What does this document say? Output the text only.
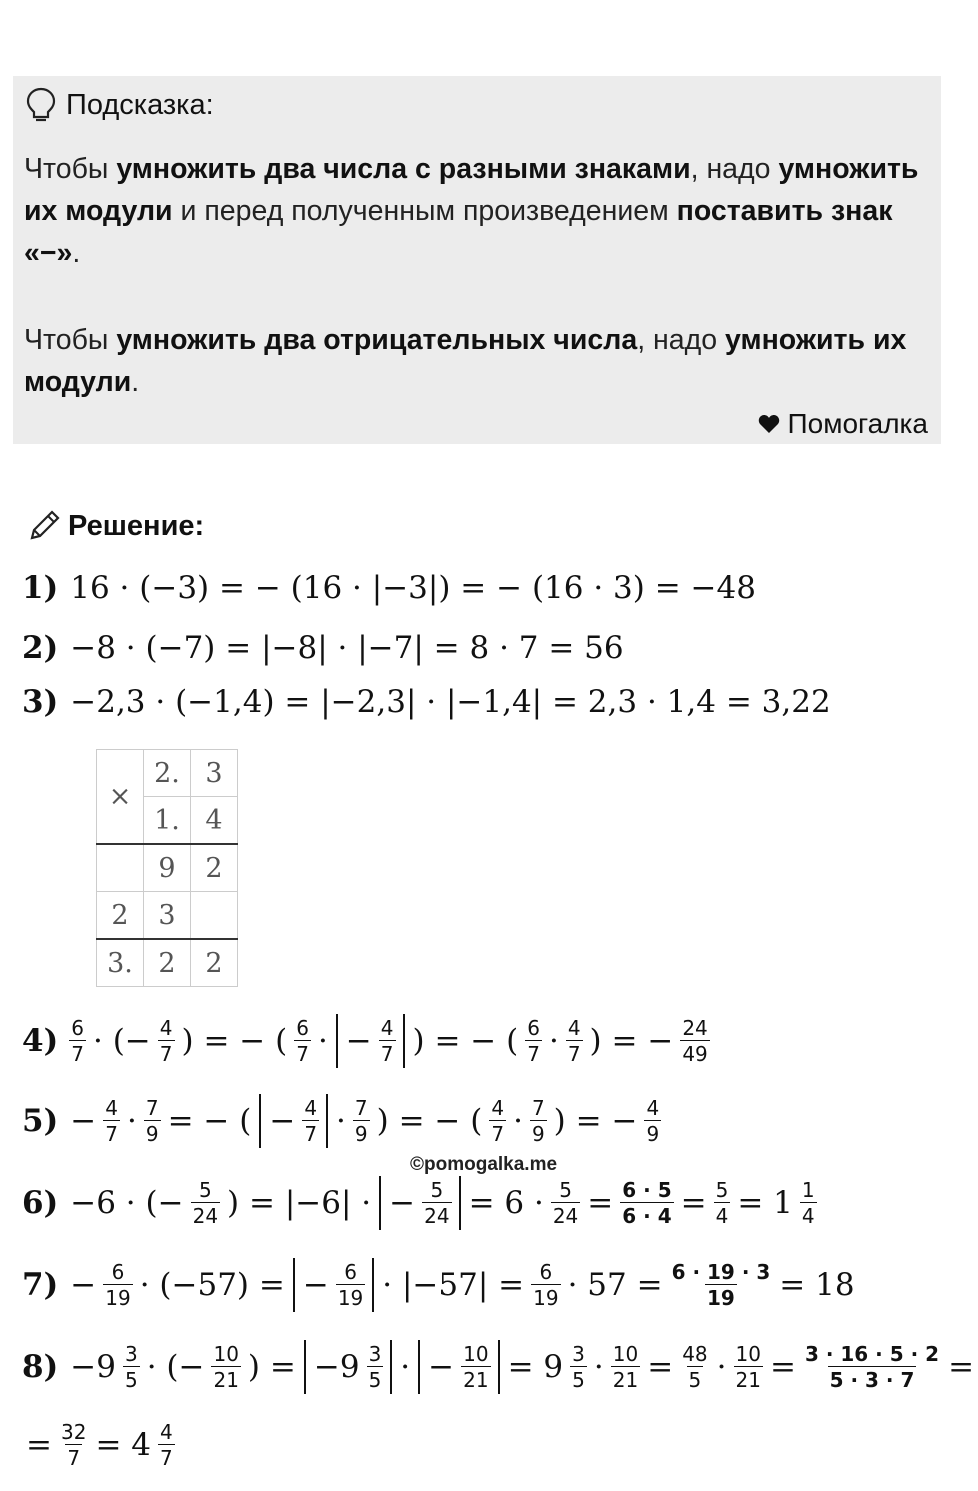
Подсказка:
Чтобы умножить два числа с разными знаками, надо умножить их модули и перед полученным произведением поставить знак «−».
Чтобы умножить два отрицательных числа, надо умножить их модули.
Помогалка
Решение:
1) 16 · (−3) = − (16 · |−3|) = − (16 · 3) = −48
2) −8 · (−7) = |−8| · |−7| = 8 · 7 = 56
3) −2,3 · (−1,4) = |−2,3| · |−1,4| = 2,3 · 1,4 = 3,22
$4) \frac{6}{7}$ · (− $\frac{4}{7}$ ) = − ( $\frac{6}{7}$ · − $\frac{4}{7}$ ) = − ( $\frac{6}{7} \cdot \frac{4}{7}$ ) = − $\frac{24}{49}$
$5) - \frac{4}{7} \cdot \frac{7}{9}$ = − ( − $\frac{4}{7} \cdot \frac{7}{9}$ ) = − ( $\frac{4}{7} \cdot \frac{7}{9}$ ) = − $\frac{4}{9}$
6) −6 · (− $\frac{5}{24}$ ) = |−6| · − $\frac{5}{24} = 6 \cdot \frac{5}{24} = \frac{6 \cdot 5}{6 \cdot 4} = \frac{5}{4} = 1 \frac{1}{4}$
$7) - \frac{6}{19} \cdot (-57)$ = − $\frac{6}{19} \cdot |-57| = \frac{6}{19} \cdot 57 = \frac{6 \cdot 19 \cdot 3}{19} = 18$
$8) -9 \frac{3}{5}$ · (− $\frac{10}{21}$ ) = $-9 \frac{3}{5}$ · − $\frac{10}{21} = 9 \frac{3}{5} \cdot \frac{10}{21} = \frac{48}{5} \cdot \frac{10}{21} = \frac{3 \cdot 16 \cdot 5 \cdot 2}{5 \cdot 3 \cdot 7}$ =
= $\frac{32}{7} = 4 \frac{4}{7}$
×	2.	3
	1.	4
	9	2
2	3	
3.	2	2
©pomogalka.me
